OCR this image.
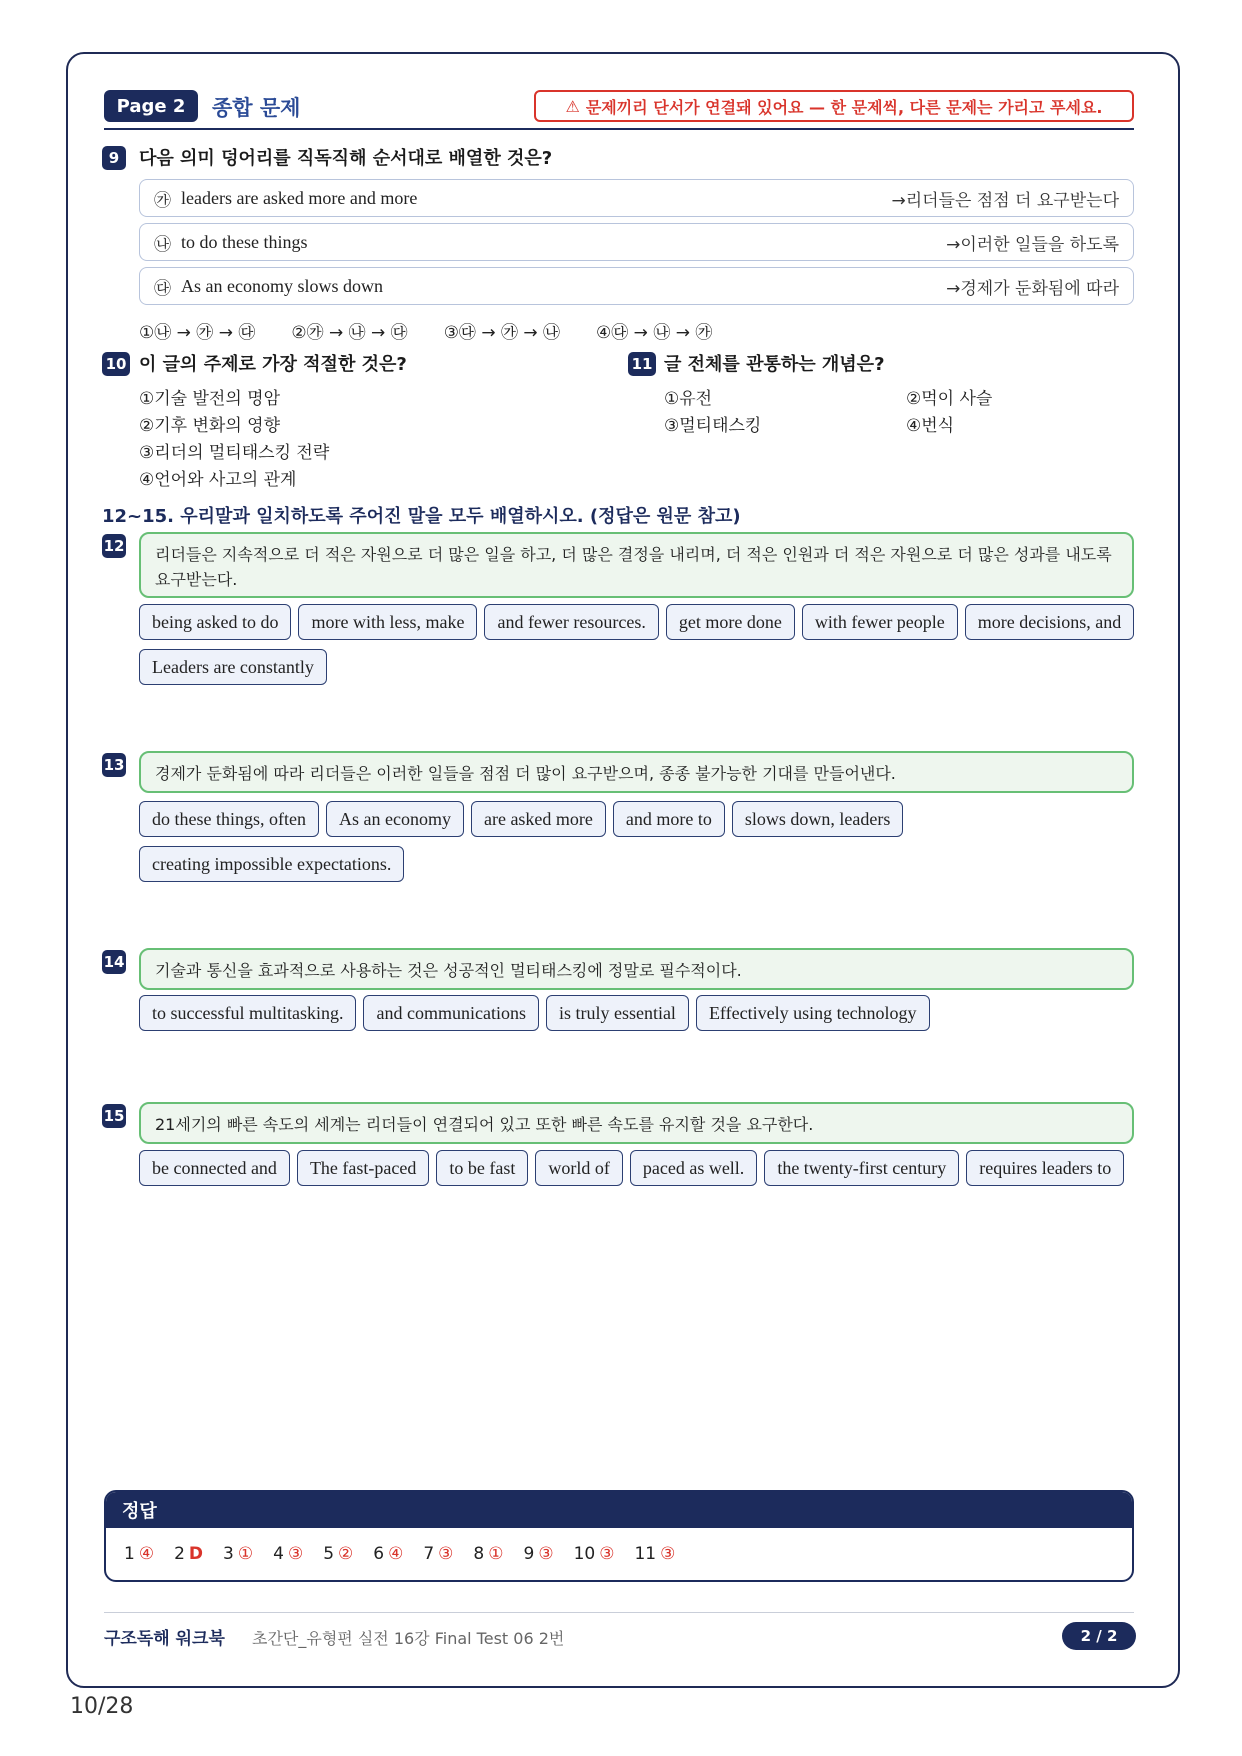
Page 2	종합 문제	⚠ 문제끼리 단서가 연결돼 있어요 — 한 문제씩, 다른 문제는 가리고 푸세요.
9	다음 의미 덩어리를 직독직해 순서대로 배열한 것은?
㉮ leaders are asked more and more	→리더들은 점점 더 요구받는다
㉯ to do these things	→이러한 일들을 하도록
㉰ As an economy slows down	→경제가 둔화됨에 따라
①㉯ → ㉮ → ㉰ ②㉮ → ㉯ → ㉰ ③㉰ → ㉮ → ㉯ ④㉰ → ㉯ → ㉮
10 이 글의 주제로 가장 적절한 것은?
①기술 발전의 명암
②기후 변화의 영향
③리더의 멀티태스킹 전략
④언어와 사고의 관계
11 글 전체를 관통하는 개념은?
①유전	②먹이 사슬
③멀티태스킹	④번식
12~15. 우리말과 일치하도록 주어진 말을 모두 배열하시오. (정답은 원문 참고)
12	리더들은 지속적으로 더 적은 자원으로 더 많은 일을 하고, 더 많은 결정을 내리며, 더 적은 인원과 더 적은 자원으로 더 많은 성과를 내도록 요구받는다.
being asked to do	more with less, make	and fewer resources.	get more done	with fewer people	more decisions, and
Leaders are constantly
13	경제가 둔화됨에 따라 리더들은 이러한 일들을 점점 더 많이 요구받으며, 종종 불가능한 기대를 만들어낸다.
do these things, often	As an economy	are asked more	and more to	slows down, leaders
creating impossible expectations.
14	기술과 통신을 효과적으로 사용하는 것은 성공적인 멀티태스킹에 정말로 필수적이다.
to successful multitasking.	and communications	is truly essential	Effectively using technology
15	21세기의 빠른 속도의 세계는 리더들이 연결되어 있고 또한 빠른 속도를 유지할 것을 요구한다.
be connected and	The fast-paced	to be fast	world of	paced as well.	the twenty-first century	requires leaders to
정답
1 ④ 2 D 3 ① 4 ③ 5 ② 6 ④ 7 ③ 8 ① 9 ③ 10 ③ 11 ③
구조독해 워크북 초간단_유형편 실전 16강 Final Test 06 2번	2 / 2
10/28
